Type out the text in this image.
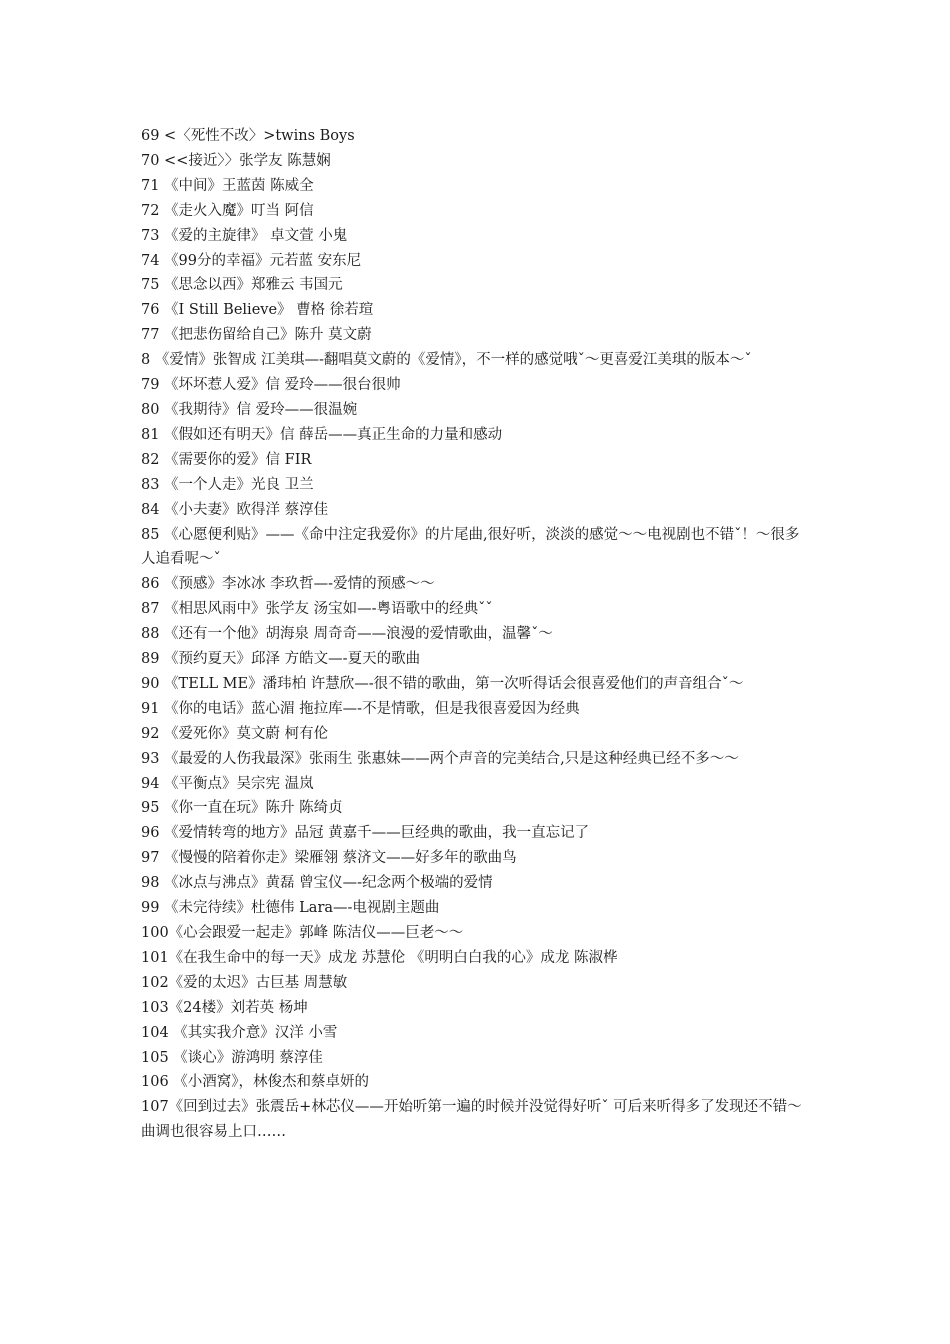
69 <〈死性不改〉>twins Boys
70 <<接近〉〉张学友 陈慧娴
71 《中间》王蓝茵 陈威全
72 《走火入魔》叮当 阿信
73 《爱的主旋律》 卓文萱 小鬼
74 《99分的幸福》元若蓝 安东尼
75 《思念以西》郑雅云 韦国元
76 《I Still Believe》 曹格 徐若瑄
77 《把悲伤留给自己》陈升 莫文蔚
8 《爱情》张智成 江美琪—-翻唱莫文蔚的《爱情》，不一样的感觉哦ˇ～更喜爱江美琪的版本～ˇ
79 《坏坏惹人爱》信 爱玲——很台很帅
80 《我期待》信 爱玲——很温婉
81 《假如还有明天》信 薛岳——真正生命的力量和感动
82 《需要你的爱》信 FIR
83 《一个人走》光良 卫兰
84 《小夫妻》欧得洋 蔡淳佳
85 《心愿便利贴》——《命中注定我爱你》的片尾曲,很好听，淡淡的感觉～～电视剧也不错ˇ！～很多人追看呢～ˇ
86 《预感》李冰冰 李玖哲—-爱情的预感～～
87 《相思风雨中》张学友 汤宝如—-粤语歌中的经典ˇˇ
88 《还有一个他》胡海泉 周奇奇——浪漫的爱情歌曲，温馨ˇ～
89 《预约夏天》邱泽 方皓文—-夏天的歌曲
90 《TELL ME》潘玮柏 许慧欣—-很不错的歌曲，第一次听得话会很喜爱他们的声音组合ˇ～
91 《你的电话》蓝心湄 拖拉库—-不是情歌，但是我很喜爱因为经典
92 《爱死你》莫文蔚 柯有伦
93 《最爱的人伤我最深》张雨生 张惠妹——两个声音的完美结合,只是这种经典已经不多～～
94 《平衡点》吴宗宪 温岚
95 《你一直在玩》陈升 陈绮贞
96 《爱情转弯的地方》品冠 黄嘉千——巨经典的歌曲，我一直忘记了
97 《慢慢的陪着你走》梁雁翎 蔡济文——好多年的歌曲鸟
98 《冰点与沸点》黄磊 曾宝仪—-纪念两个极端的爱情
99 《未完待续》杜德伟 Lara—-电视剧主题曲
100《心会跟爱一起走》郭峰 陈洁仪——巨老～～
101《在我生命中的每一天》成龙 苏慧伦 《明明白白我的心》成龙 陈淑桦
102《爱的太迟》古巨基 周慧敏
103《24楼》刘若英 杨坤
104 《其实我介意》汉洋 小雪
105 《谈心》游鸿明 蔡淳佳
106 《小酒窝》，林俊杰和蔡卓妍的
107《回到过去》张震岳+林芯仪——开始听第一遍的时候并没觉得好听ˇ 可后来听得多了发现还不错～ 曲调也很容易上口……
